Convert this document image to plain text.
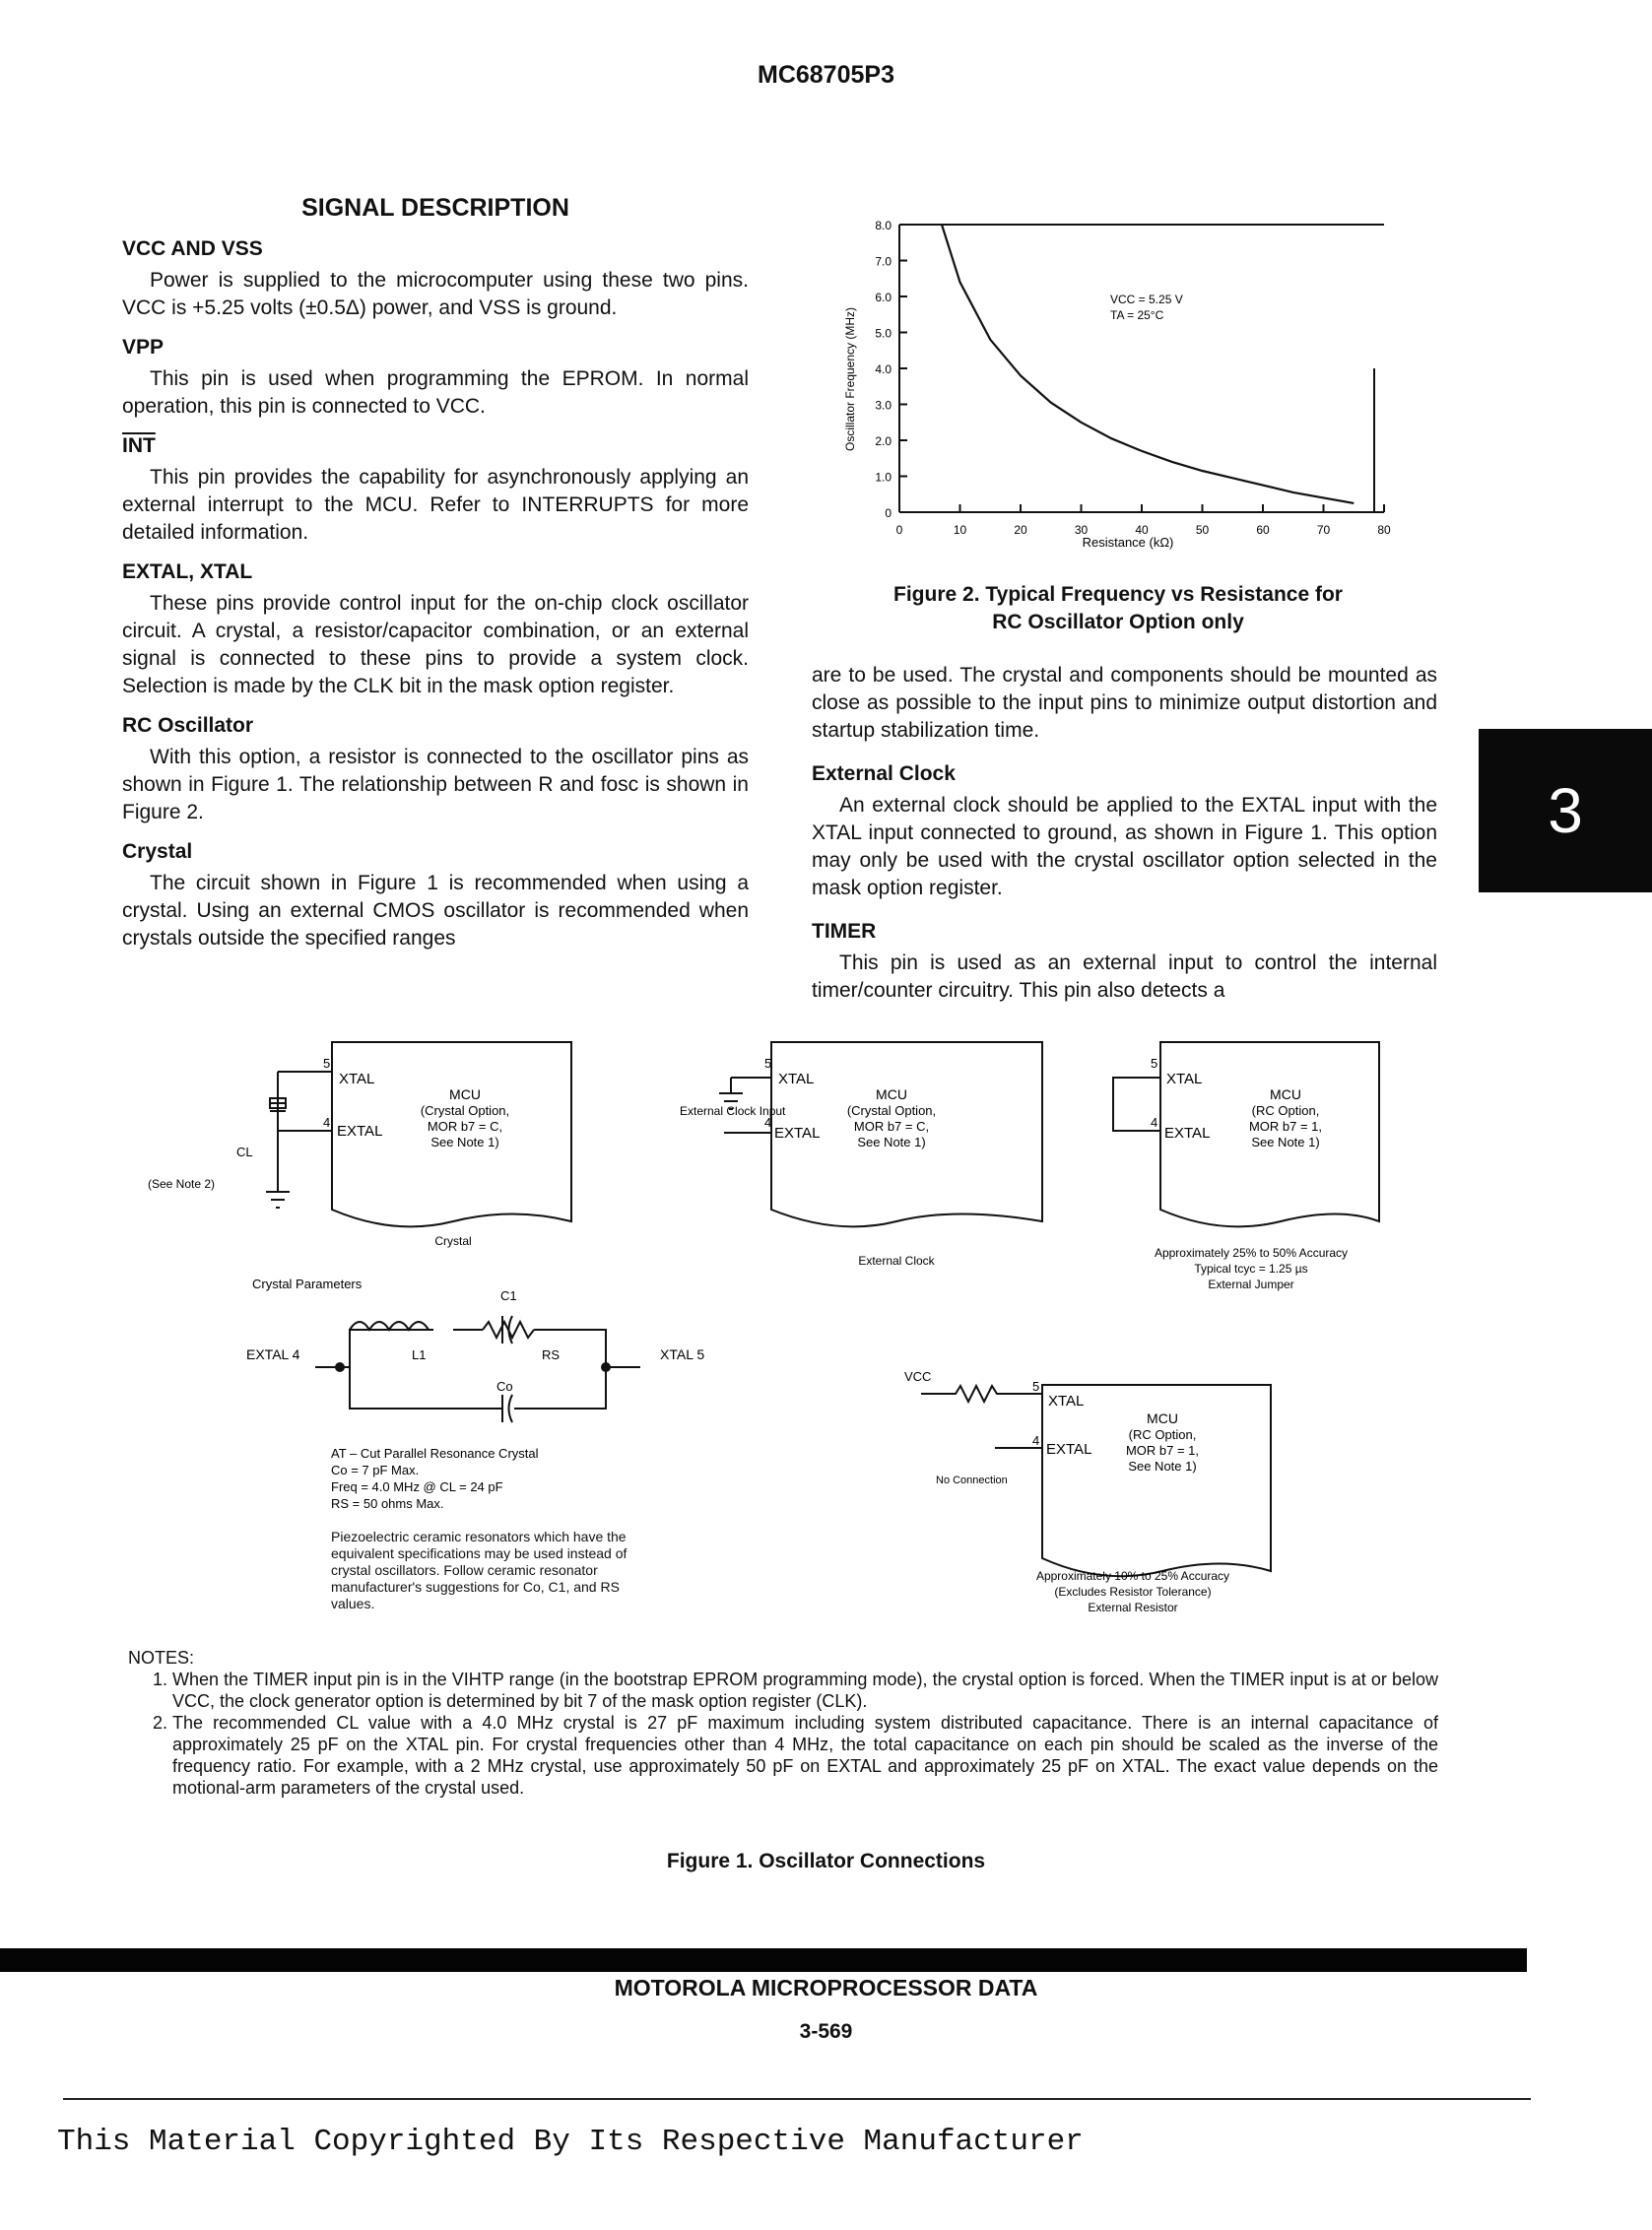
MC68705P3
3
SIGNAL DESCRIPTION
VCC AND VSS

Power is supplied to the microcomputer using these two pins. VCC is +5.25 volts (±0.5Δ) power, and VSS is ground.

VPP

This pin is used when programming the EPROM. In normal operation, this pin is connected to VCC.

$\overline{INT}$

This pin provides the capability for asynchronously applying an external interrupt to the MCU. Refer to INTERRUPTS for more detailed information.

EXTAL, XTAL

These pins provide control input for the on-chip clock oscillator circuit. A crystal, a resistor/capacitor combination, or an external signal is connected to these pins to provide a system clock. Selection is made by the CLK bit in the mask option register.

RC Oscillator

With this option, a resistor is connected to the oscillator pins as shown in Figure 1. The relationship between R and fosc is shown in Figure 2.

Crystal

The circuit shown in Figure 1 is recommended when using a crystal. Using an external CMOS oscillator is recommended when crystals outside the specified ranges

0
1.0
2.0
3.0
4.0
5.0
6.0
7.0
8.0
0	10	20	30	40	50	60	70	80
VCC = 5.25 V
TA = 25°C
Resistance (kΩ)
Oscillator Frequency (MHz)
Figure 2. Typical Frequency vs Resistance for
RC Oscillator Option only

are to be used. The crystal and components should be mounted as close as possible to the input pins to minimize output distortion and startup stabilization time.

External Clock

An external clock should be applied to the EXTAL input with the XTAL input connected to ground, as shown in Figure 1. This option may only be used with the crystal oscillator option selected in the mask option register.

TIMER

This pin is used as an external input to control the internal timer/counter circuitry. This pin also detects a

5
XTAL
4
EXTAL
MCU
(Crystal Option,
MOR b7 = C,
See Note 1)
CL
(See Note 2)
Crystal
5
XTAL
4
EXTAL
External Clock Input
MCU
(Crystal Option,
MOR b7 = C,
See Note 1)
External Clock
5
XTAL
4
EXTAL
MCU
(RC Option,
MOR b7 = 1,
See Note 1)
Approximately 25% to 50% Accuracy
Typical tcyc = 1.25 µs
External Jumper
Crystal Parameters
C1
L1	RS
Co
EXTAL 4	XTAL 5
AT – Cut Parallel Resonance Crystal
Co = 7 pF Max.
Freq = 4.0 MHz @ CL = 24 pF
RS = 50 ohms Max.
VCC
5
XTAL
4
EXTAL
No Connection
MCU
(RC Option,
MOR b7 = 1,
See Note 1)
Approximately 10% to 25% Accuracy
(Excludes Resistor Tolerance)
External Resistor
Piezoelectric ceramic resonators which have the equivalent specifications may be used instead of crystal oscillators. Follow ceramic resonator manufacturer's suggestions for Co, C1, and RS values.
NOTES:
1. When the TIMER input pin is in the VIHTP range (in the bootstrap EPROM programming mode), the crystal option is forced. When the TIMER input is at or below VCC, the clock generator option is determined by bit 7 of the mask option register (CLK).
2. The recommended CL value with a 4.0 MHz crystal is 27 pF maximum including system distributed capacitance. There is an internal capacitance of approximately 25 pF on the XTAL pin. For crystal frequencies other than 4 MHz, the total capacitance on each pin should be scaled as the inverse of the frequency ratio. For example, with a 2 MHz crystal, use approximately 50 pF on EXTAL and approximately 25 pF on XTAL. The exact value depends on the motional-arm parameters of the crystal used.
Figure 1. Oscillator Connections
MOTOROLA MICROPROCESSOR DATA
3-569
This Material Copyrighted By Its Respective Manufacturer
